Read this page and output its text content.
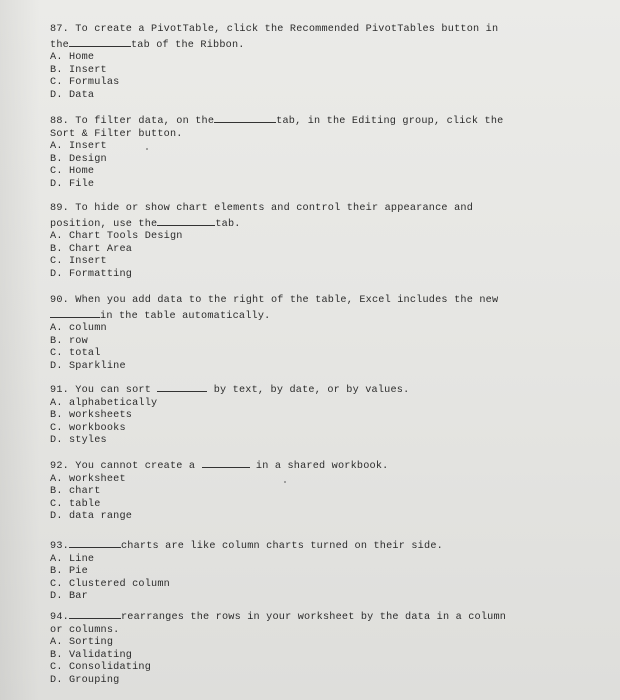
87. To create a PivotTable, click the Recommended PivotTables button in
the	tab of the Ribbon.
A. Home
B. Insert
C. Formulas
D. Data
88. To filter data, on the	tab, in the Editing group, click the
Sort & Filter button.
A. Insert
B. Design
C. Home
D. File
89. To hide or show chart elements and control their appearance and
position, use the	tab.
A. Chart Tools Design
B. Chart Area
C. Insert
D. Formatting
90. When you add data to the right of the table, Excel includes the new
in the table automatically.
A. column
B. row
C. total
D. Sparkline
91. You can sort	by text, by date, or by values.
A. alphabetically
B. worksheets
C. workbooks
D. styles
92. You cannot create a	in a shared workbook.
A. worksheet
B. chart
C. table
D. data range
93.	charts are like column charts turned on their side.
A. Line
B. Pie
C. Clustered column
D. Bar
94.	rearranges the rows in your worksheet by the data in a column
or columns.
A. Sorting
B. Validating
C. Consolidating
D. Grouping
